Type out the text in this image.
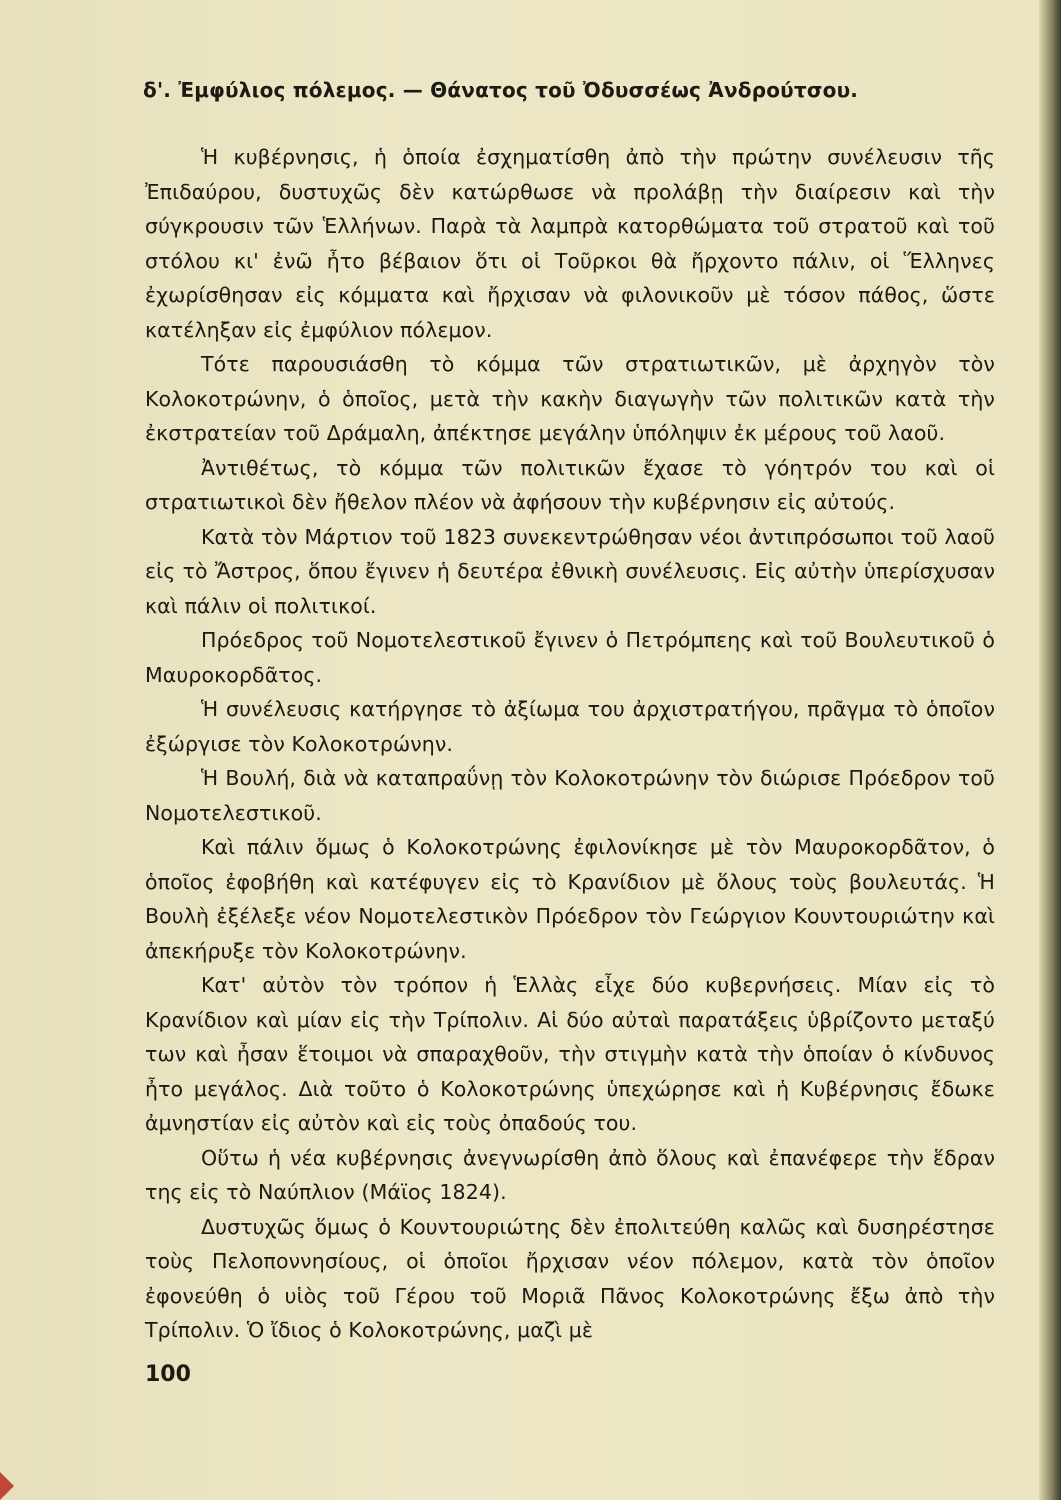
δ'. Ἐμφύλιος πόλεμος. — Θάνατος τοῦ Ὀδυσσέως Ἀνδρούτσου.

Ἡ κυβέρνησις, ἡ ὁποία ἐσχηματίσθη ἀπὸ τὴν πρώτην συνέλευσιν τῆς Ἐπιδαύρου, δυστυχῶς δὲν κατώρθωσε νὰ προλάβῃ τὴν διαίρεσιν καὶ τὴν σύγκρουσιν τῶν Ἑλλήνων. Παρὰ τὰ λαμπρὰ κατορθώματα τοῦ στρατοῦ καὶ τοῦ στόλου κι' ἐνῶ ἦτο βέβαιον ὅτι οἱ Τοῦρκοι θὰ ἤρχοντο πάλιν, οἱ Ἕλληνες ἐχωρίσθησαν εἰς κόμματα καὶ ἤρχισαν νὰ φιλονικοῦν μὲ τόσον πάθος, ὥστε κατέληξαν εἰς ἐμφύλιον πόλεμον.

Τότε παρουσιάσθη τὸ κόμμα τῶν στρατιωτικῶν, μὲ ἀρχηγὸν τὸν Κολοκοτρώνην, ὁ ὁποῖος, μετὰ τὴν κακὴν διαγωγὴν τῶν πολιτικῶν κατὰ τὴν ἐκστρατείαν τοῦ Δράμαλη, ἀπέκτησε μεγάλην ὑπόληψιν ἐκ μέρους τοῦ λαοῦ.

Ἀντιθέτως, τὸ κόμμα τῶν πολιτικῶν ἔχασε τὸ γόητρόν του καὶ οἱ στρατιωτικοὶ δὲν ἤθελον πλέον νὰ ἀφήσουν τὴν κυβέρνησιν εἰς αὐτούς.

Κατὰ τὸν Μάρτιον τοῦ 1823 συνεκεντρώθησαν νέοι ἀντιπρόσωποι τοῦ λαοῦ εἰς τὸ Ἄστρος, ὅπου ἔγινεν ἡ δευτέρα ἐθνικὴ συνέλευσις. Εἰς αὐτὴν ὑπερίσχυσαν καὶ πάλιν οἱ πολιτικοί.

Πρόεδρος τοῦ Νομοτελεστικοῦ ἔγινεν ὁ Πετρόμπεης καὶ τοῦ Βουλευτικοῦ ὁ Μαυροκορδᾶτος.

Ἡ συνέλευσις κατήργησε τὸ ἀξίωμα του ἀρχιστρατήγου, πρᾶγμα τὸ ὁποῖον ἐξώργισε τὸν Κολοκοτρώνην.

Ἡ Βουλή, διὰ νὰ καταπραΰνῃ τὸν Κολοκοτρώνην τὸν διώρισε Πρόεδρον τοῦ Νομοτελεστικοῦ.

Καὶ πάλιν ὅμως ὁ Κολοκοτρώνης ἐφιλονίκησε μὲ τὸν Μαυροκορδᾶτον, ὁ ὁποῖος ἐφοβήθη καὶ κατέφυγεν εἰς τὸ Κρανίδιον μὲ ὅλους τοὺς βουλευτάς. Ἡ Βουλὴ ἐξέλεξε νέον Νομοτελεστικὸν Πρόεδρον τὸν Γεώργιον Κουντουριώτην καὶ ἀπεκήρυξε τὸν Κολοκοτρώνην.

Κατ' αὐτὸν τὸν τρόπον ἡ Ἑλλὰς εἶχε δύο κυβερνήσεις. Μίαν εἰς τὸ Κρανίδιον καὶ μίαν εἰς τὴν Τρίπολιν. Αἱ δύο αὐταὶ παρατάξεις ὑβρίζοντο μεταξύ των καὶ ἦσαν ἕτοιμοι νὰ σπαραχθοῦν, τὴν στιγμὴν κατὰ τὴν ὁποίαν ὁ κίνδυνος ἦτο μεγάλος. Διὰ τοῦτο ὁ Κολοκοτρώνης ὑπεχώρησε καὶ ἡ Κυβέρνησις ἔδωκε ἀμνηστίαν εἰς αὐτὸν καὶ εἰς τοὺς ὀπαδούς του.

Οὕτω ἡ νέα κυβέρνησις ἀνεγνωρίσθη ἀπὸ ὅλους καὶ ἐπανέφερε τὴν ἕδραν της εἰς τὸ Ναύπλιον (Μάϊος 1824).

Δυστυχῶς ὅμως ὁ Κουντουριώτης δὲν ἐπολιτεύθη καλῶς καὶ δυσηρέστησε τοὺς Πελοποννησίους, οἱ ὁποῖοι ἤρχισαν νέον πόλεμον, κατὰ τὸν ὁποῖον ἐφονεύθη ὁ υἱὸς τοῦ Γέρου τοῦ Μοριᾶ Πᾶνος Κολοκοτρώνης ἔξω ἀπὸ τὴν Τρίπολιν. Ὁ ἴδιος ὁ Κολοκοτρώνης, μαζὶ μὲ

100
